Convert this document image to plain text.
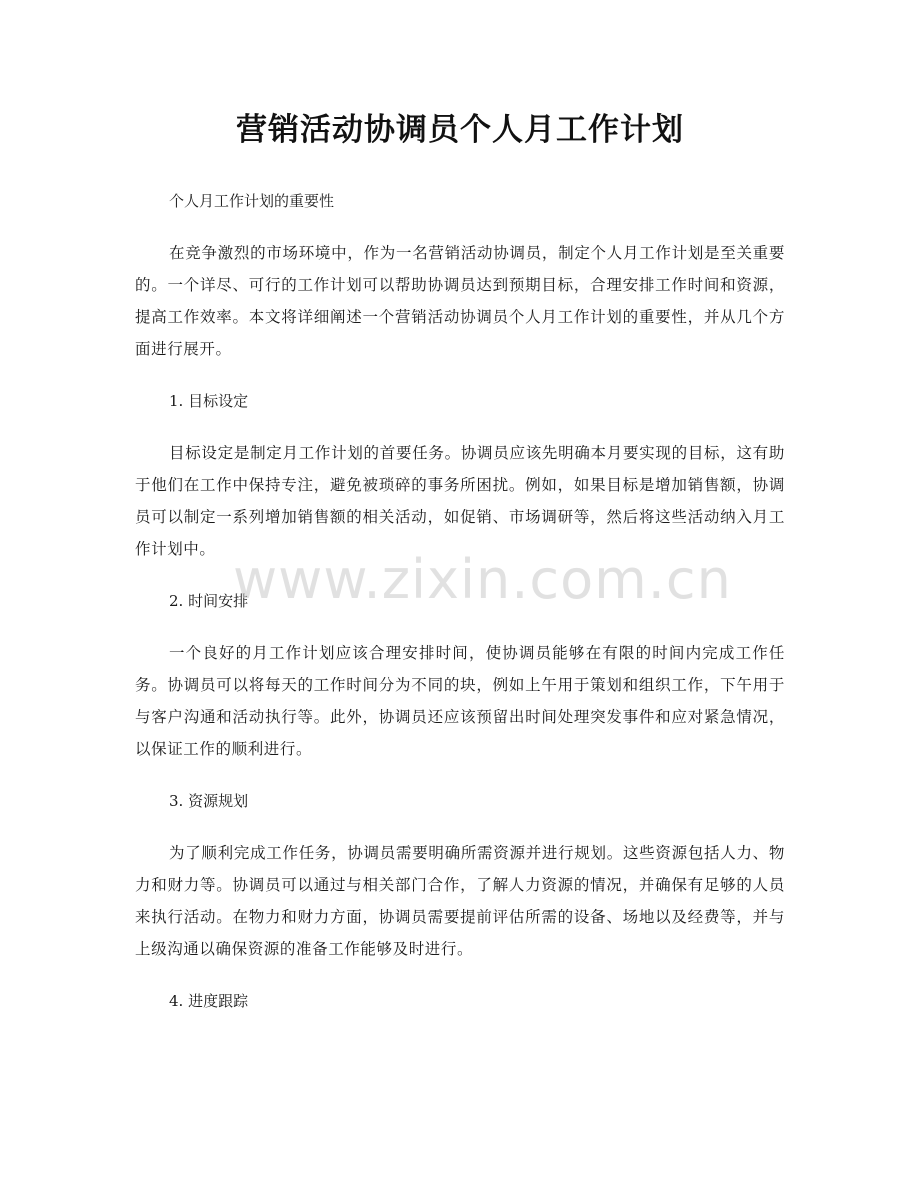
营销活动协调员个人月工作计划
个人月工作计划的重要性
在竞争激烈的市场环境中，作为一名营销活动协调员，制定个人月工作计划是至关重要的。一个详尽、可行的工作计划可以帮助协调员达到预期目标，合理安排工作时间和资源，提高工作效率。本文将详细阐述一个营销活动协调员个人月工作计划的重要性，并从几个方面进行展开。
1. 目标设定
目标设定是制定月工作计划的首要任务。协调员应该先明确本月要实现的目标，这有助于他们在工作中保持专注，避免被琐碎的事务所困扰。例如，如果目标是增加销售额，协调员可以制定一系列增加销售额的相关活动，如促销、市场调研等，然后将这些活动纳入月工作计划中。
2. 时间安排
一个良好的月工作计划应该合理安排时间，使协调员能够在有限的时间内完成工作任务。协调员可以将每天的工作时间分为不同的块，例如上午用于策划和组织工作，下午用于与客户沟通和活动执行等。此外，协调员还应该预留出时间处理突发事件和应对紧急情况，以保证工作的顺利进行。
3. 资源规划
为了顺利完成工作任务，协调员需要明确所需资源并进行规划。这些资源包括人力、物力和财力等。协调员可以通过与相关部门合作，了解人力资源的情况，并确保有足够的人员来执行活动。在物力和财力方面，协调员需要提前评估所需的设备、场地以及经费等，并与上级沟通以确保资源的准备工作能够及时进行。
4. 进度跟踪
www.zixin.com.cn
